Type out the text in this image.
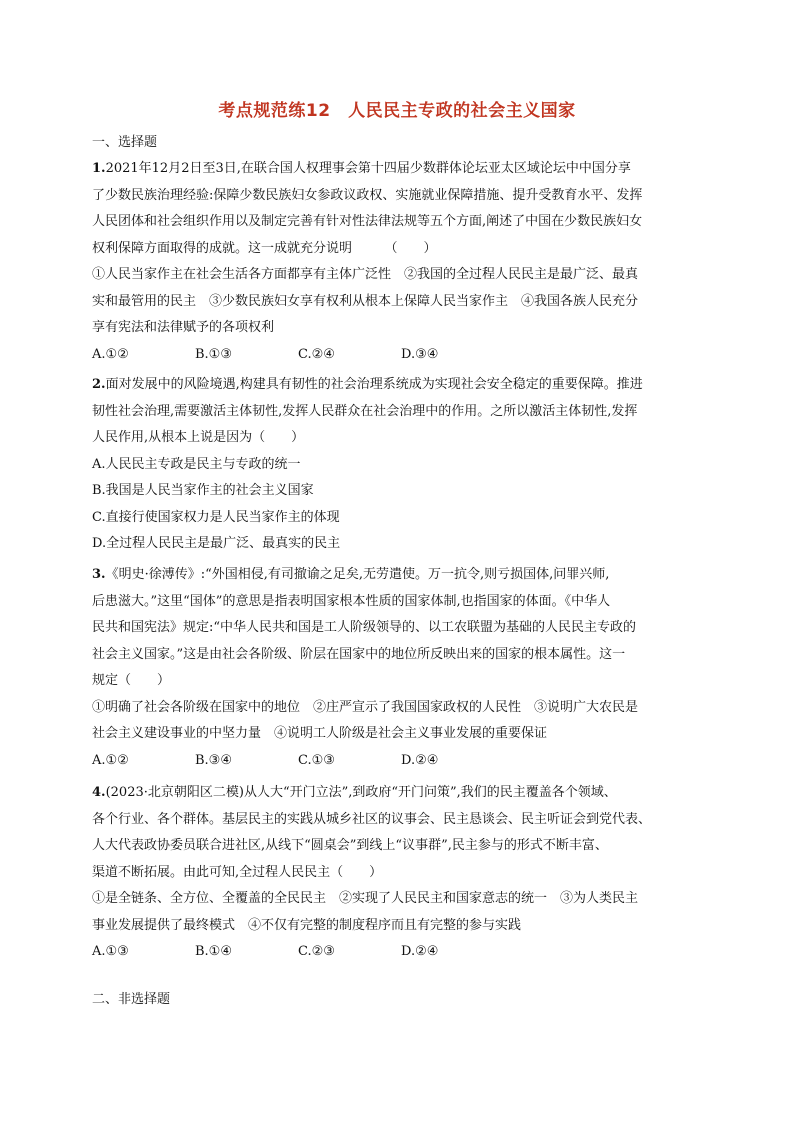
考点规范练12　人民民主专政的社会主义国家
一、选择题
1.2021年12月2日至3日,在联合国人权理事会第十四届少数群体论坛亚太区域论坛中中国分享
了少数民族治理经验:保障少数民族妇女参政议政权、实施就业保障措施、提升受教育水平、发挥
人民团体和社会组织作用以及制定完善有针对性法律法规等五个方面,阐述了中国在少数民族妇女
权利保障方面取得的成就。这一成就充分说明　　　（　　）
①人民当家作主在社会生活各方面都享有主体广泛性　②我国的全过程人民民主是最广泛、最真
实和最管用的民主　③少数民族妇女享有权利从根本上保障人民当家作主　④我国各族人民充分
享有宪法和法律赋予的各项权利
A.①②	B.①③	C.②④	D.③④
2.面对发展中的风险境遇,构建具有韧性的社会治理系统成为实现社会安全稳定的重要保障。推进
韧性社会治理,需要激活主体韧性,发挥人民群众在社会治理中的作用。之所以激活主体韧性,发挥
人民作用,从根本上说是因为（　　）
A.人民民主专政是民主与专政的统一
B.我国是人民当家作主的社会主义国家
C.直接行使国家权力是人民当家作主的体现
D.全过程人民民主是最广泛、最真实的民主
3.《明史·徐溥传》:“外国相侵,有司撤谕之足矣,无劳遣使。万一抗令,则亏损国体,问罪兴师,
后患滋大。”这里“国体”的意思是指表明国家根本性质的国家体制,也指国家的体面。《中华人
民共和国宪法》规定:“中华人民共和国是工人阶级领导的、以工农联盟为基础的人民民主专政的
社会主义国家。”这是由社会各阶级、阶层在国家中的地位所反映出来的国家的根本属性。这一
规定（　　）
①明确了社会各阶级在国家中的地位　②庄严宣示了我国国家政权的人民性　③说明广大农民是
社会主义建设事业的中坚力量　④说明工人阶级是社会主义事业发展的重要保证
A.①②	B.③④	C.①③	D.②④
4.(2023·北京朝阳区二模)从人大“开门立法”,到政府“开门问策”,我们的民主覆盖各个领域、
各个行业、各个群体。基层民主的实践从城乡社区的议事会、民主恳谈会、民主听证会到党代表、
人大代表政协委员联合进社区,从线下“圆桌会”到线上“议事群”,民主参与的形式不断丰富、
渠道不断拓展。由此可知,全过程人民民主（　　）
①是全链条、全方位、全覆盖的全民民主　②实现了人民民主和国家意志的统一　③为人类民主
事业发展提供了最终模式　④不仅有完整的制度程序而且有完整的参与实践
A.①③	B.①④	C.②③	D.②④
二、非选择题
